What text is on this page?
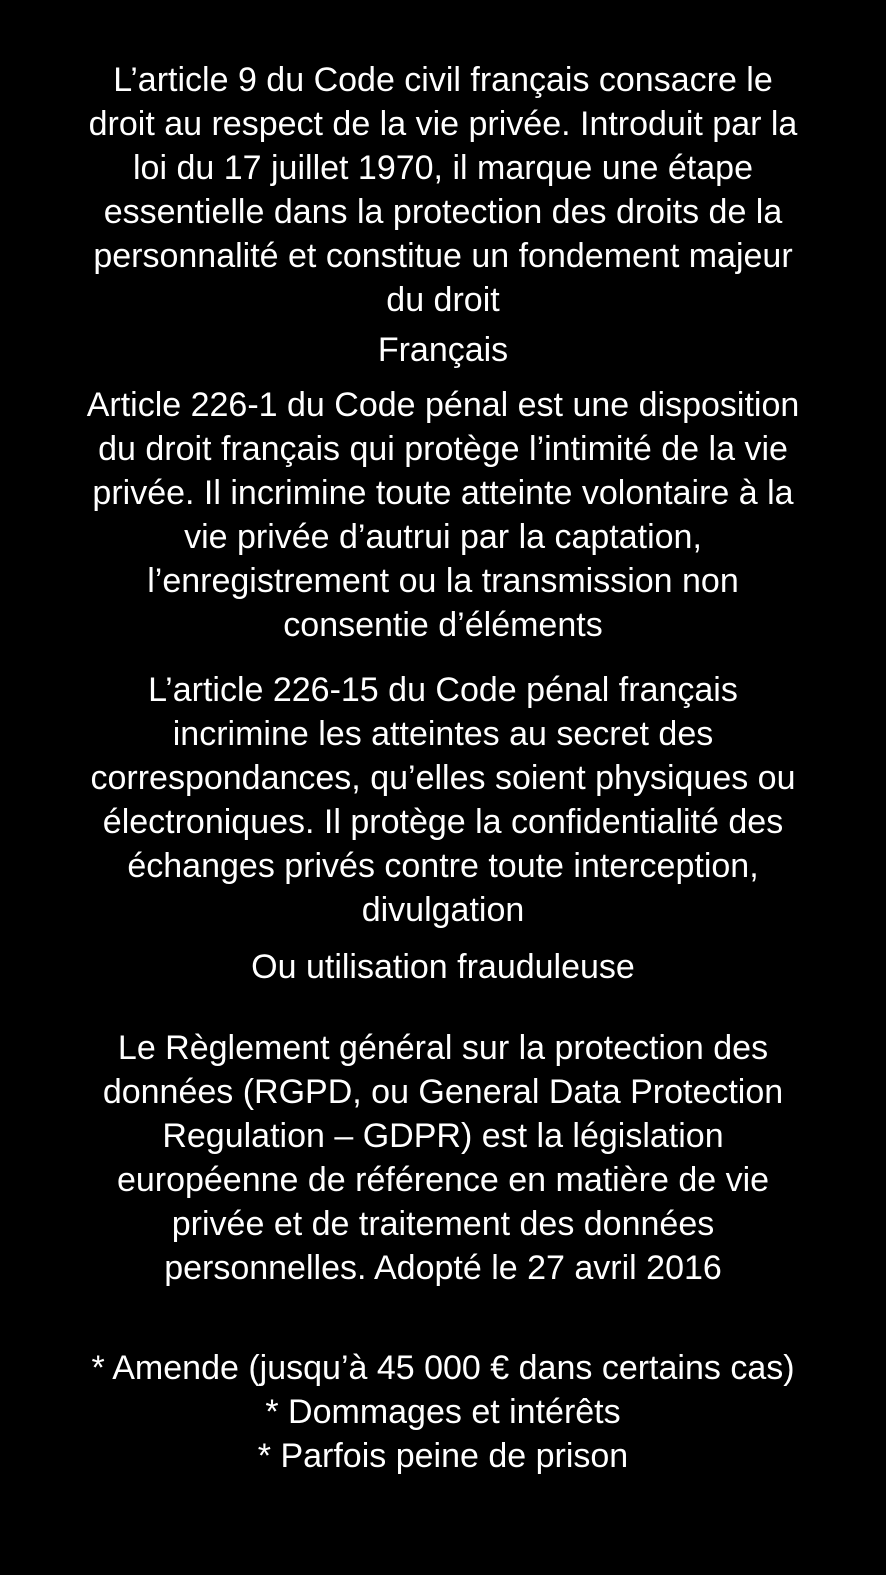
L’article 9 du Code civil français consacre le
droit au respect de la vie privée. Introduit par la
loi du 17 juillet 1970, il marque une étape
essentielle dans la protection des droits de la
personnalité et constitue un fondement majeur
du droit

Français

Article 226-1 du Code pénal est une disposition
du droit français qui protège l’intimité de la vie
privée. Il incrimine toute atteinte volontaire à la
vie privée d’autrui par la captation,
l’enregistrement ou la transmission non
consentie d’éléments

L’article 226-15 du Code pénal français
incrimine les atteintes au secret des
correspondances, qu’elles soient physiques ou
électroniques. Il protège la confidentialité des
échanges privés contre toute interception,
divulgation

Ou utilisation frauduleuse

Le Règlement général sur la protection des
données (RGPD, ou General Data Protection
Regulation – GDPR) est la législation
européenne de référence en matière de vie
privée et de traitement des données
personnelles. Adopté le 27 avril 2016

* Amende (jusqu’à 45 000 € dans certains cas)
* Dommages et intérêts
* Parfois peine de prison
